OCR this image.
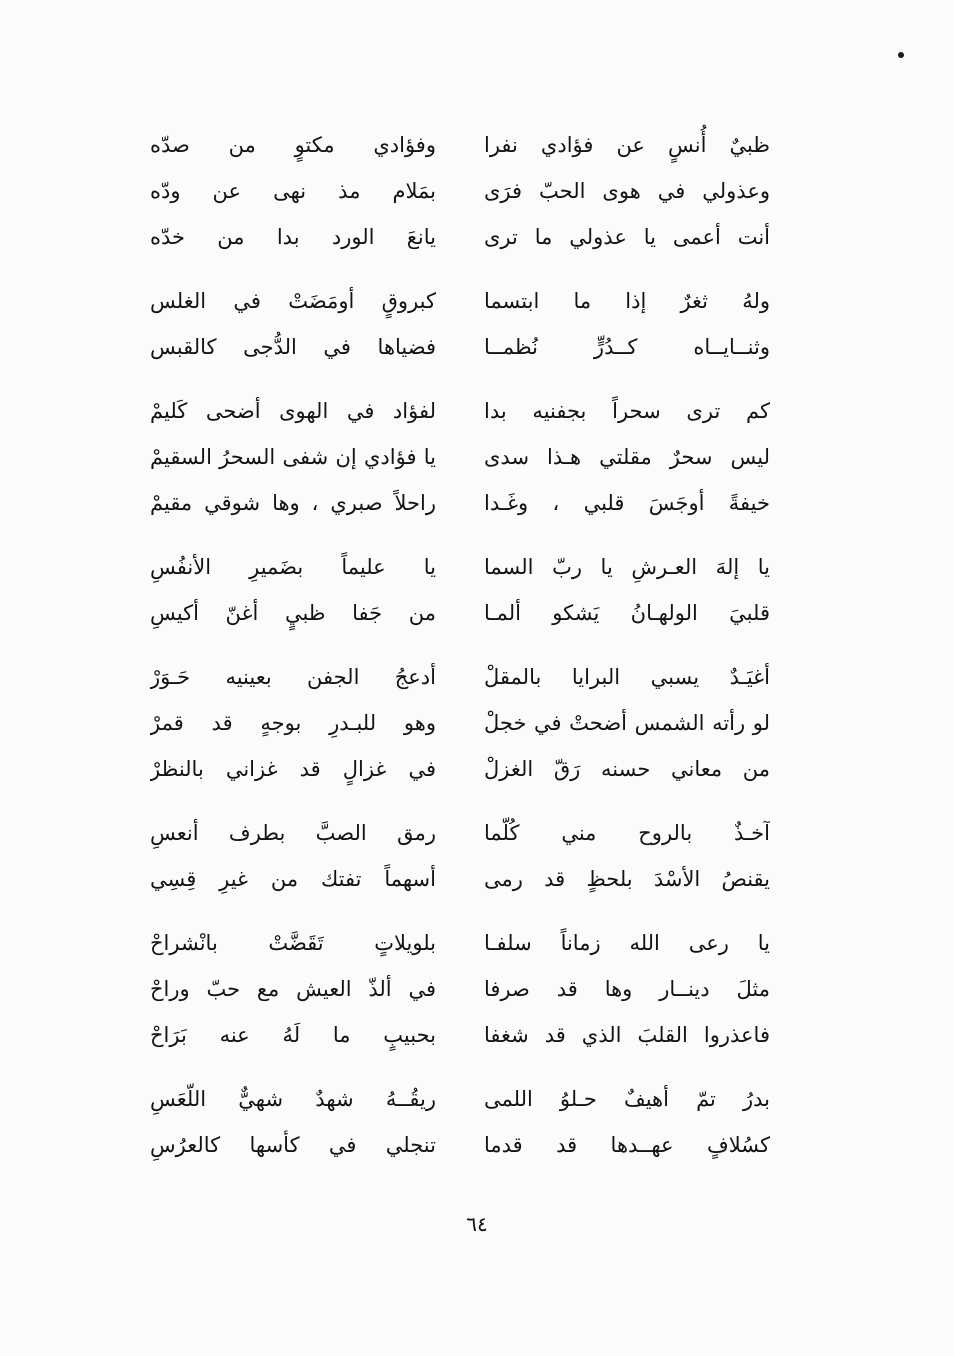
ظبيٌ أُنسٍ عن فؤادي نفرا
وفؤادي مكتوٍ من صدّه
وعذولي في هوى الحبّ فرَى
بمَلام مذ نهى عن ودّه
أنت أعمى يا عذولي ما ترى
يانعَ الورد بدا من خدّه
ولهُ ثغرٌ إذا ما ابتسما
كبروقٍ أومَضَتْ في الغلس
وثنــايــاه كــدُرٍّ نُظمــا
فضياها في الدُّجى كالقبس
كم ترى سحراً بجفنيه بدا
لفؤاد في الهوى أضحى كَليمْ
ليس سحرٌ مقلتي هـذا سدى
يا فؤادي إن شفى السحرُ السقيمْ
خيفةً أوجَسَ قلبي ، وغَـدا
راحلاً صبري ، وها شوقي مقيمْ
يا إلهَ العـرشِ يا ربّ السما
يا عليماً بضَميرِ الأنفُسِ
قلبيَ الولهـانُ يَشكو ألمـا
من جَفا ظبيٍ أغنّ أكيسِ
أغيَـدٌ يسبي البرايا بالمقلْ
أدعجُ الجفن بعينيه حَـوَرْ
لو رأته الشمس أضحتْ في خجلْ
وهو للبـدرِ بوجهٍ قد قمرْ
من معاني حسنه رَقّ الغزلْ
في غزالٍ قد غزاني بالنظرْ
آخـذٌ بالروح مني كُلّما
رمق الصبَّ بطرف أنعسِ
يقنصُ الأسْدَ بلحظٍ قد رمى
أسهماً تفتك من غيرِ قِسِي
يا رعى الله زماناً سلفـا
بلويلاتٍ تَقَضَّتْ بانْشراحْ
مثلَ دينــار وها قد صرفا
في ألذّ العيش مع حبّ وراحْ
فاعذروا القلبَ الذي قد شغفا
بحبيبٍ ما لَهُ عنه بَرَاحْ
بدرُ تمّ أهيفٌ حـلوُ اللمى
ريقُــهُ شهدٌ شهيٌّ اللّعَسِ
كسُلافٍ عهــدها قد قدما
تنجلي في كأسها كالعرُسِ
٦٤
